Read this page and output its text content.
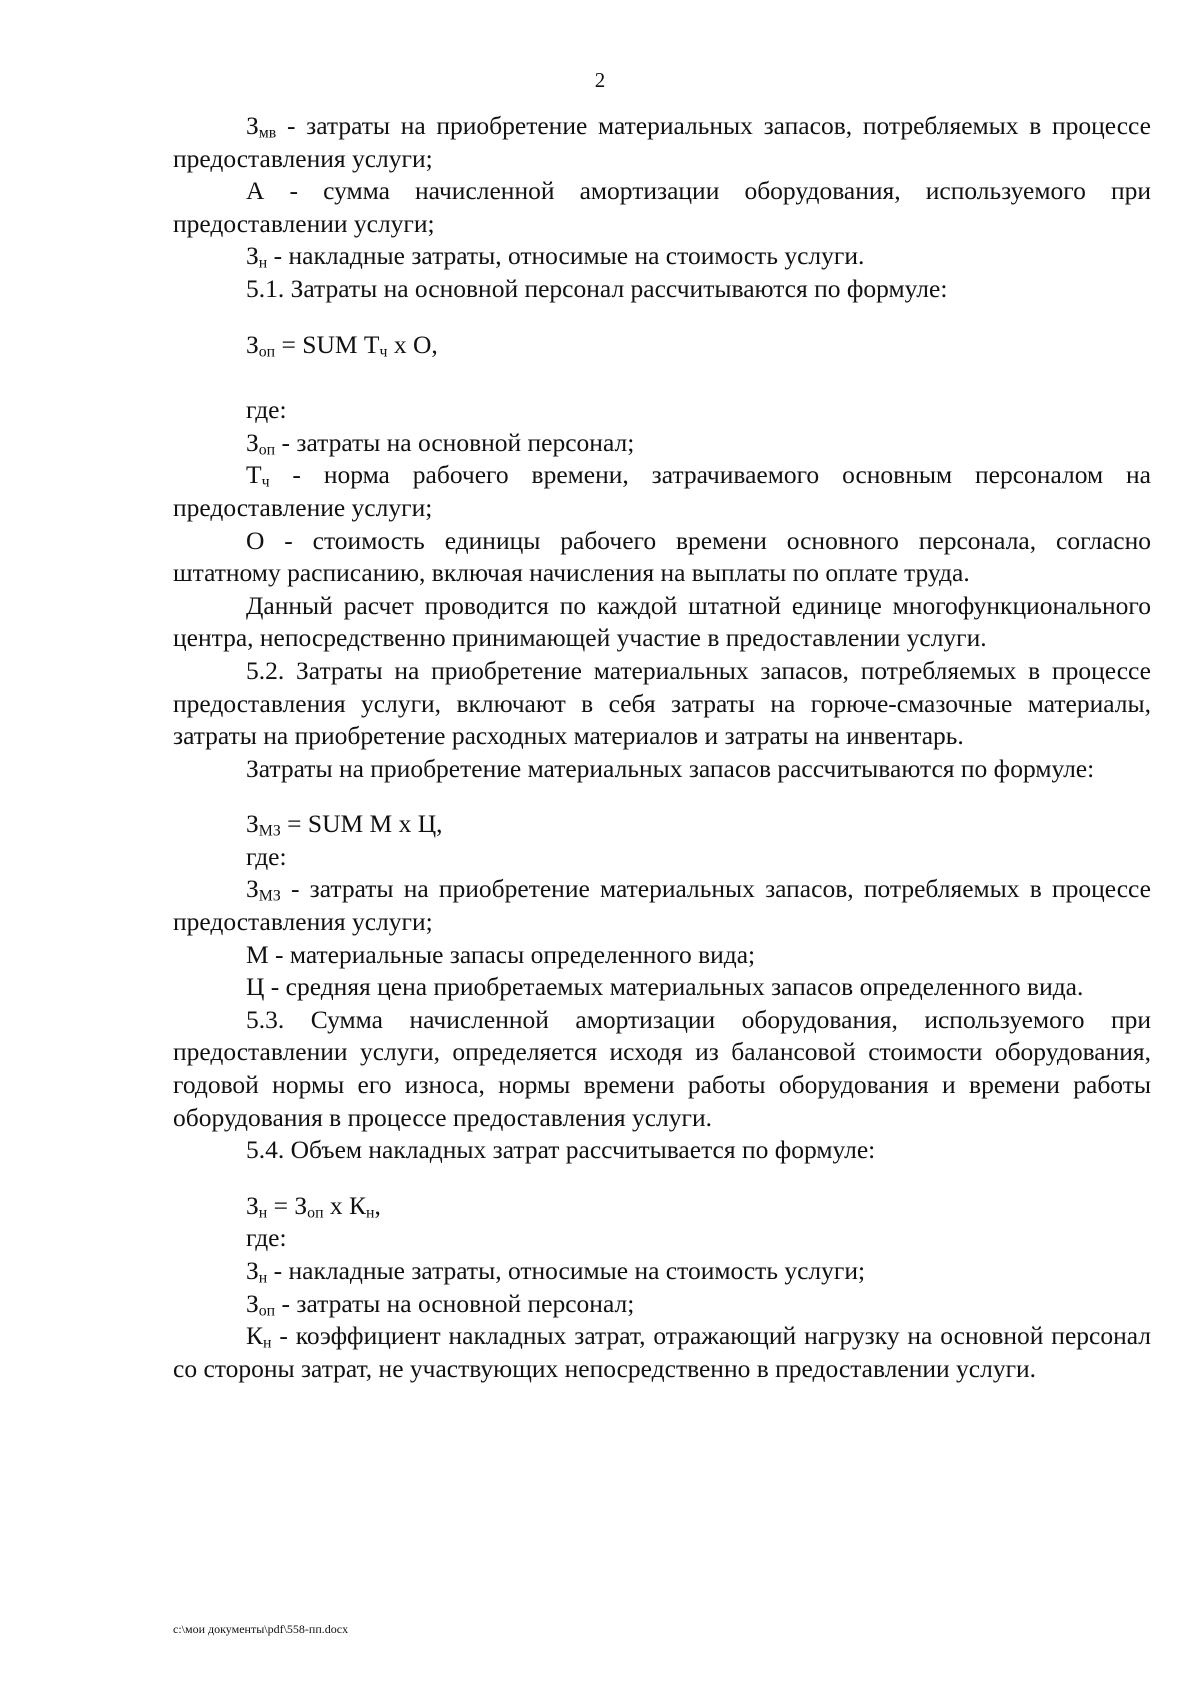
2

$З_{мв}$ - затраты на приобретение материальных запасов, потребляемых в процессе предоставления услуги;

А - сумма начисленной амортизации оборудования, используемого при предоставлении услуги;

$З_н$ - накладные затраты, относимые на стоимость услуги.

5.1. Затраты на основной персонал рассчитываются по формуле:

$З_{оп}$ = SUM $Т_ч$ x О,

где:

$З_{оп}$ - затраты на основной персонал;

$Т_ч$ - норма рабочего времени, затрачиваемого основным персоналом на предоставление услуги;

О - стоимость единицы рабочего времени основного персонала, согласно штатному расписанию, включая начисления на выплаты по оплате труда.

Данный расчет проводится по каждой штатной единице многофункционального центра, непосредственно принимающей участие в предоставлении услуги.

5.2. Затраты на приобретение материальных запасов, потребляемых в процессе предоставления услуги, включают в себя затраты на горюче-смазочные материалы, затраты на приобретение расходных материалов и затраты на инвентарь.

Затраты на приобретение материальных запасов рассчитываются по формуле:

$З_{МЗ}$ = SUM М x Ц,

где:

$З_{МЗ}$ - затраты на приобретение материальных запасов, потребляемых в процессе предоставления услуги;

М - материальные запасы определенного вида;

Ц - средняя цена приобретаемых материальных запасов определенного вида.

5.3. Сумма начисленной амортизации оборудования, используемого при предоставлении услуги, определяется исходя из балансовой стоимости оборудования, годовой нормы его износа, нормы времени работы оборудования и времени работы оборудования в процессе предоставления услуги.

5.4. Объем накладных затрат рассчитывается по формуле:

$З_н = З_{оп}$ x $К_н$,

где:

$З_н$ - накладные затраты, относимые на стоимость услуги;

$З_{оп}$ - затраты на основной персонал;

$К_н$ - коэффициент накладных затрат, отражающий нагрузку на основной персонал со стороны затрат, не участвующих непосредственно в предоставлении услуги.

c:\мои документы\pdf\558-пп.docx
